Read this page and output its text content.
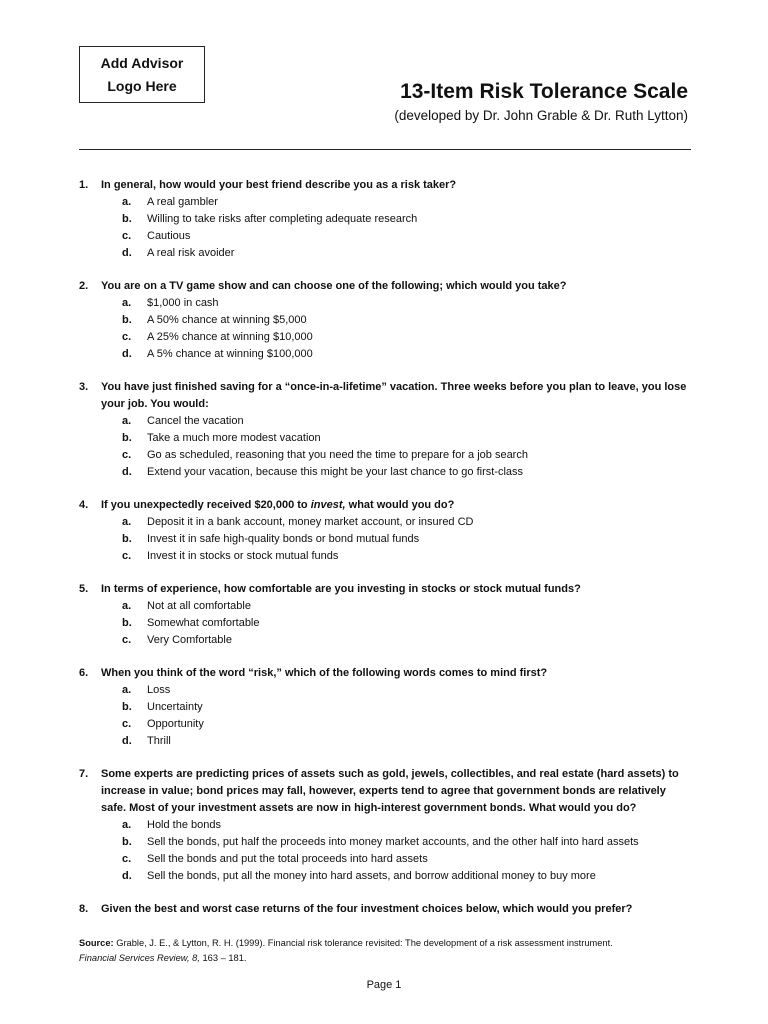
Add Advisor
Logo Here	13-Item Risk Tolerance Scale
(developed by Dr. John Grable & Dr. Ruth Lytton)
1.	In general, how would your best friend describe you as a risk taker?
a.	A real gambler
b.	Willing to take risks after completing adequate research
c.	Cautious
d.	A real risk avoider
2.	You are on a TV game show and can choose one of the following; which would you take?
a.	$1,000 in cash
b.	A 50% chance at winning $5,000
c.	A 25% chance at winning $10,000
d.	A 5% chance at winning $100,000
3.	You have just finished saving for a “once-in-a-lifetime” vacation. Three weeks before you plan to leave, you lose your job. You would:
a.	Cancel the vacation
b.	Take a much more modest vacation
c.	Go as scheduled, reasoning that you need the time to prepare for a job search
d.	Extend your vacation, because this might be your last chance to go first-class
4.	If you unexpectedly received $20,000 to invest, what would you do?
a.	Deposit it in a bank account, money market account, or insured CD
b.	Invest it in safe high-quality bonds or bond mutual funds
c.	Invest it in stocks or stock mutual funds
5.	In terms of experience, how comfortable are you investing in stocks or stock mutual funds?
a.	Not at all comfortable
b.	Somewhat comfortable
c.	Very Comfortable
6.	When you think of the word “risk,” which of the following words comes to mind first?
a.	Loss
b.	Uncertainty
c.	Opportunity
d.	Thrill
7.	Some experts are predicting prices of assets such as gold, jewels, collectibles, and real estate (hard assets) to increase in value; bond prices may fall, however, experts tend to agree that government bonds are relatively safe. Most of your investment assets are now in high-interest government bonds. What would you do?
a.	Hold the bonds
b.	Sell the bonds, put half the proceeds into money market accounts, and the other half into hard assets
c.	Sell the bonds and put the total proceeds into hard assets
d.	Sell the bonds, put all the money into hard assets, and borrow additional money to buy more
8.	Given the best and worst case returns of the four investment choices below, which would you prefer?
Source: Grable, J. E., & Lytton, R. H. (1999). Financial risk tolerance revisited: The development of a risk assessment instrument.
Financial Services Review, 8, 163 – 181.
Page 1
